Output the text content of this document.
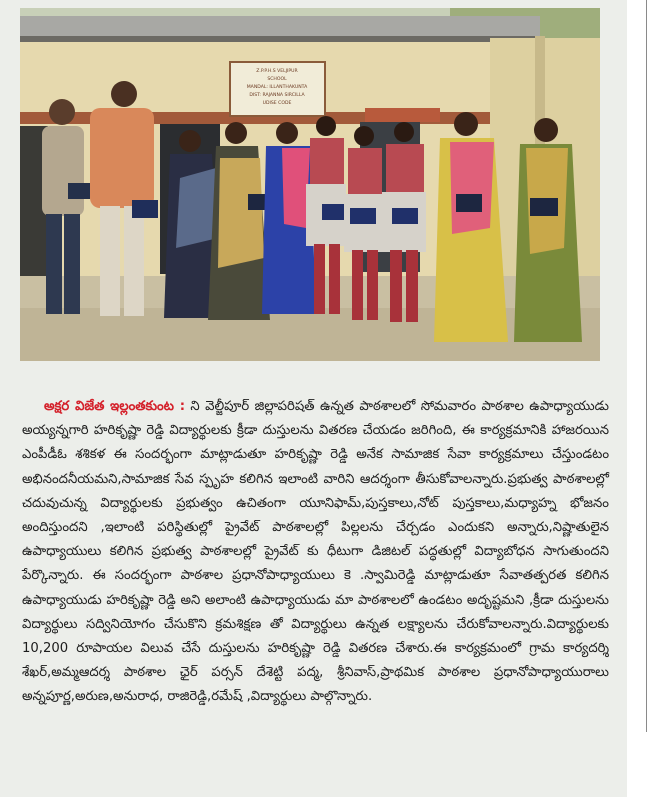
Z.P.P.H.S VELJIPUR
SCHOOL
MANDAL: ILLANTHAKUNTA
DIST: RAJANNA SIRCILLA
UDISE CODE
అక్షర విజేత ఇల్లంతకుంట : ని వెల్జీపూర్ జిల్లాపరిషత్ ఉన్నత పాఠశాలలో సోమవారం పాఠశాల ఉపాధ్యాయుడు అయ్యన్నగారి హరికృష్ణా రెడ్డి విద్యార్థులకు క్రీడా దుస్తులను వితరణ చేయడం జరిగింది, ఈ కార్యక్రమానికి హాజరయిన ఎంపీడీఓ శశికళ ఈ సందర్భంగా మాట్లాడుతూ హరికృష్ణా రెడ్డి అనేక సామాజిక సేవా కార్యక్రమాలు చేస్తుండటం అభినందనీయమని,సామాజిక సేవ స్పృహ కలిగిన ఇలాంటి వారిని ఆదర్శంగా తీసుకోవాలన్నారు.ప్రభుత్వ పాఠశాలల్లో చదువుచున్న విద్యార్థులకు ప్రభుత్వం ఉచితంగా యూనిఫామ్,పుస్తకాలు,నోట్ పుస్తకాలు,మధ్యాహ్న భోజనం అందిస్తుందని ,ఇలాంటి పరిస్థితుల్లో ప్రైవేట్ పాఠశాలల్లో పిల్లలను చేర్చడం ఎందుకని అన్నారు,నిష్ణాతులైన ఉపాధ్యాయులు కలిగిన ప్రభుత్వ పాఠశాలల్లో ప్రైవేట్ కు ధీటుగా డిజిటల్ పద్ధతుల్లో విద్యాబోధన సాగుతుందని పేర్కొన్నారు. ఈ సందర్భంగా పాఠశాల ప్రధానోపాధ్యాయులు కె .స్వామిరెడ్డి మాట్లాడుతూ సేవాతత్పరత కలిగిన ఉపాధ్యాయుడు హరికృష్ణా రెడ్డి అని అలాంటి ఉపాధ్యాయుడు మా పాఠశాలలో ఉండటం అదృష్టమని ,క్రీడా దుస్తులను విద్యార్థులు సద్వినియోగం చేసుకొని క్రమశిక్షణ తో విద్యార్థులు ఉన్నత లక్ష్యాలను చేరుకోవాలన్నారు.విద్యార్థులకు 10,200 రూపాయల విలువ చేసే దుస్తులను హరికృష్ణా రెడ్డి వితరణ చేశారు.ఈ కార్యక్రమంలో గ్రామ కార్యదర్శి శేఖర్,అమ్మఆదర్శ పాఠశాల ఛైర్ పర్సన్ దేశెట్టి పద్మ, శ్రీనివాస్,ప్రాథమిక పాఠశాల ప్రధానోపాధ్యాయురాలు అన్నపూర్ణ,అరుణ,అనురాధ, రాజిరెడ్డి,రమేష్ ,విద్యార్థులు పాల్గొన్నారు.
